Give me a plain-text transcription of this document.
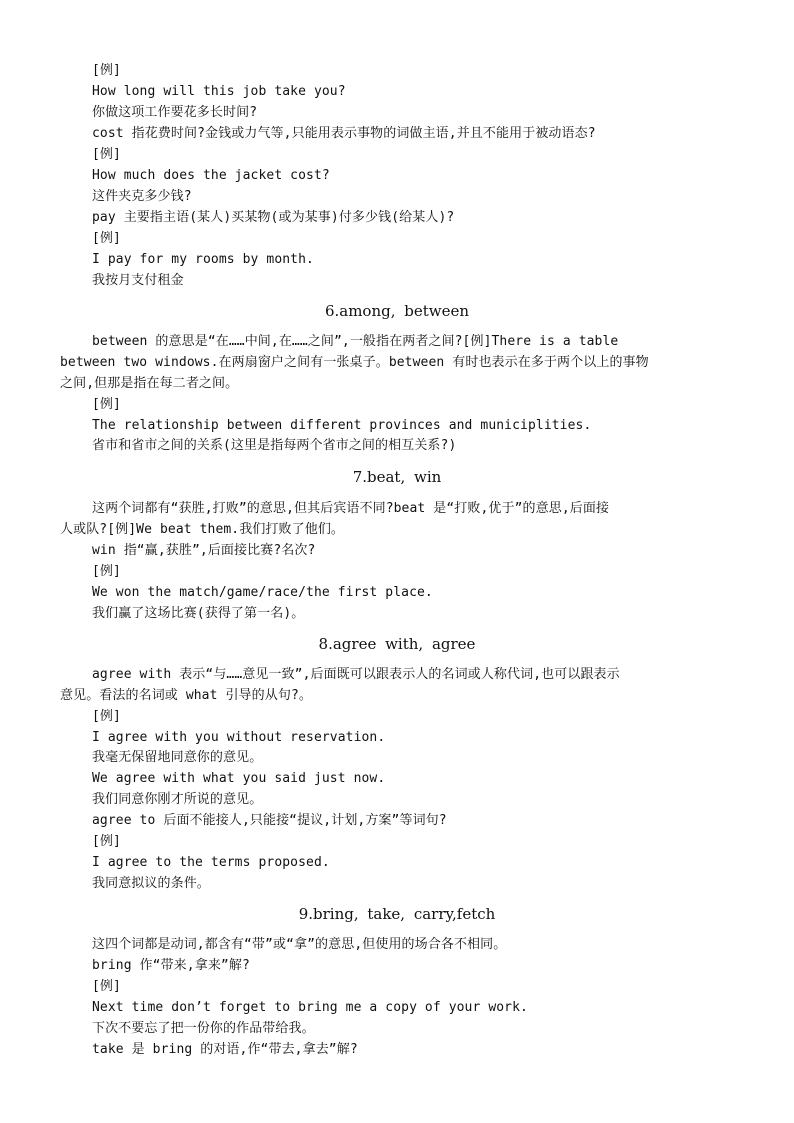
[例]
How long will this job take you?
你做这项工作要花多长时间?
cost 指花费时间?金钱或力气等,只能用表示事物的词做主语,并且不能用于被动语态?
[例]
How much does the jacket cost?
这件夹克多少钱?
pay 主要指主语(某人)买某物(或为某事)付多少钱(给某人)?
[例]
I pay for my rooms by month.
我按月支付租金
6.among, between
between 的意思是“在……中间,在……之间”,一般指在两者之间?[例]There is a table
between two windows.在两扇窗户之间有一张桌子。between 有时也表示在多于两个以上的事物
之间,但那是指在每二者之间。
[例]
The relationship between different provinces and municiplities.
省市和省市之间的关系(这里是指每两个省市之间的相互关系?)
7.beat, win
这两个词都有“获胜,打败”的意思,但其后宾语不同?beat 是“打败,优于”的意思,后面接
人或队?[例]We beat them.我们打败了他们。
win 指“赢,获胜”,后面接比赛?名次?
[例]
We won the match/game/race/the first place.
我们赢了这场比赛(获得了第一名)。
8.agree with, agree
agree with 表示“与……意见一致”,后面既可以跟表示人的名词或人称代词,也可以跟表示
意见。看法的名词或 what 引导的从句?。
[例]
I agree with you without reservation.
我毫无保留地同意你的意见。
We agree with what you said just now.
我们同意你刚才所说的意见。
agree to 后面不能接人,只能接“提议,计划,方案”等词句?
[例]
I agree to the terms proposed.
我同意拟议的条件。
9.bring, take, carry,fetch
这四个词都是动词,都含有“带”或“拿”的意思,但使用的场合各不相同。
bring 作“带来,拿来”解?
[例]
Next time don’t forget to bring me a copy of your work.
下次不要忘了把一份你的作品带给我。
take 是 bring 的对语,作“带去,拿去”解?
